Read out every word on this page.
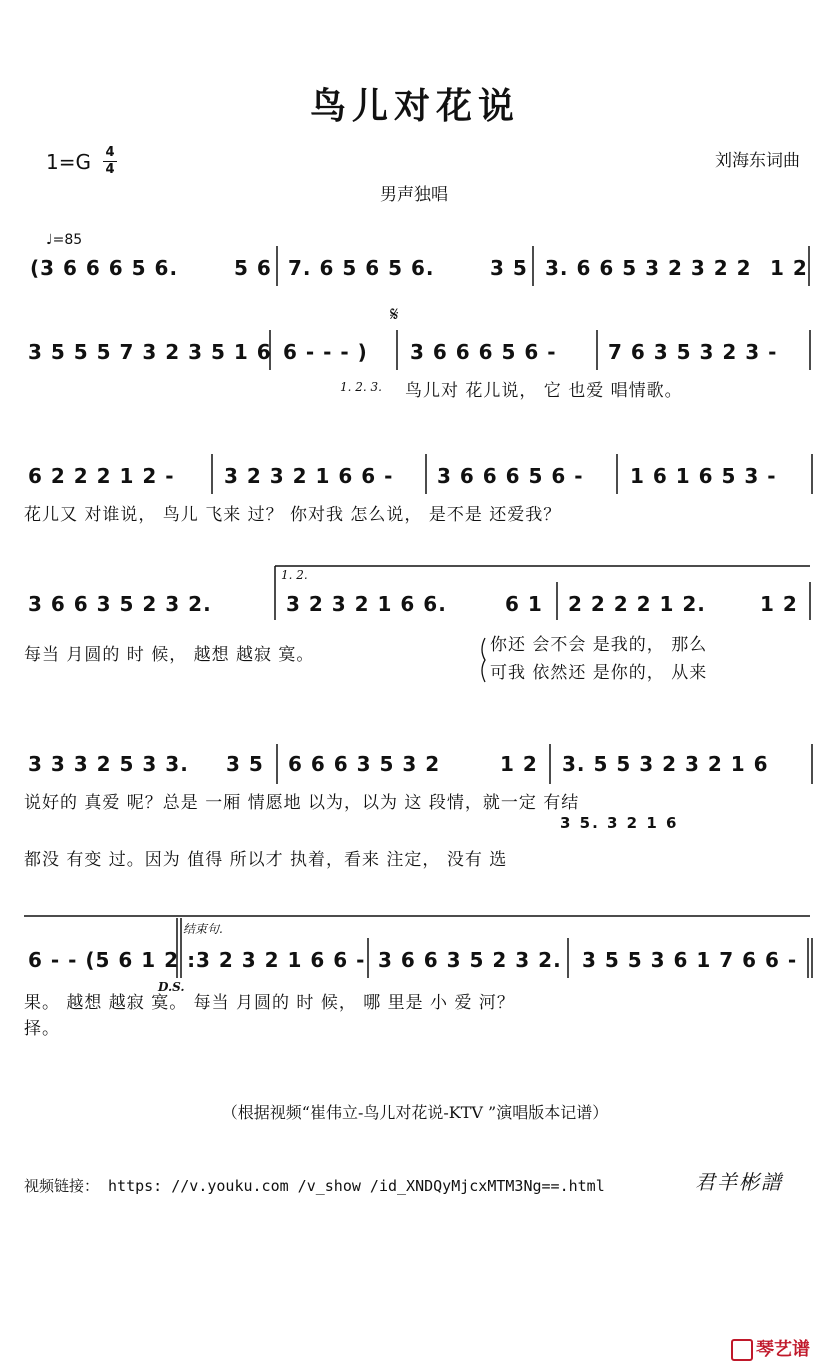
鸟儿对花说
1=G 4
4	刘海东词曲
男声独唱
♩=85
(3 6 6 6 5 6.	5 6 7. 6 5 6 5 6.	3 5 3. 6 6 5 3 2 3 2 2 1 2
3 5 5 5 7 3 2 3 5 1 6 6 - - - ) 3 6 6 6 5 6 -	7 6 3 5 3 2 3 -
𝄋
1. 2. 3. 鸟儿对 花儿说， 它 也爱 唱情歌。
6 2 2 2 1 2 - 3 2 3 2 1 6 6 - 3 6 6 6 5 6 - 1 6 1 6 5 3 -
花儿又 对谁说， 鸟儿 飞来 过？ 你对我 怎么说， 是不是 还爱我？
1. 2.
3 6 6 3 5 2 3 2.	3 2 3 2 1 6 6.	6 1 2 2 2 2 1 2.	1 2
每当 月圆的 时 候， 越想 越寂 寞。	你还 会不会 是我的， 那么
可我 依然还 是你的， 从来
3 3 3 2 5 3 3. 3 5 6 6 6 3 5 3 2	1 2 3. 5 5 3 2 3 2 1 6
说好的 真爱 呢？总是 一厢 情愿地 以为，以为 这 段情，就一定 有结
3 5. 3 2 1 6
都没 有变 过。因为 值得 所以才 执着，看来 注定， 没有 选
结束句.
6 - - (5 6 1 2 : 3 2 3 2 1 6 6 - 3 6 6 3 5 2 3 2. 3 5 5 3 6 1 7 6 6 -
D.S.
果。 越想 越寂 寞。 每当 月圆的 时 候， 哪 里是 小 爱 河？
择。
（根据视频“崔伟立-鸟儿对花说-KTV ”演唱版本记谱）
视频链接： https: //v.youku.com /v_show /id_XNDQyMjcxMTM3Ng==.html	君羊彬譜
琴艺谱
